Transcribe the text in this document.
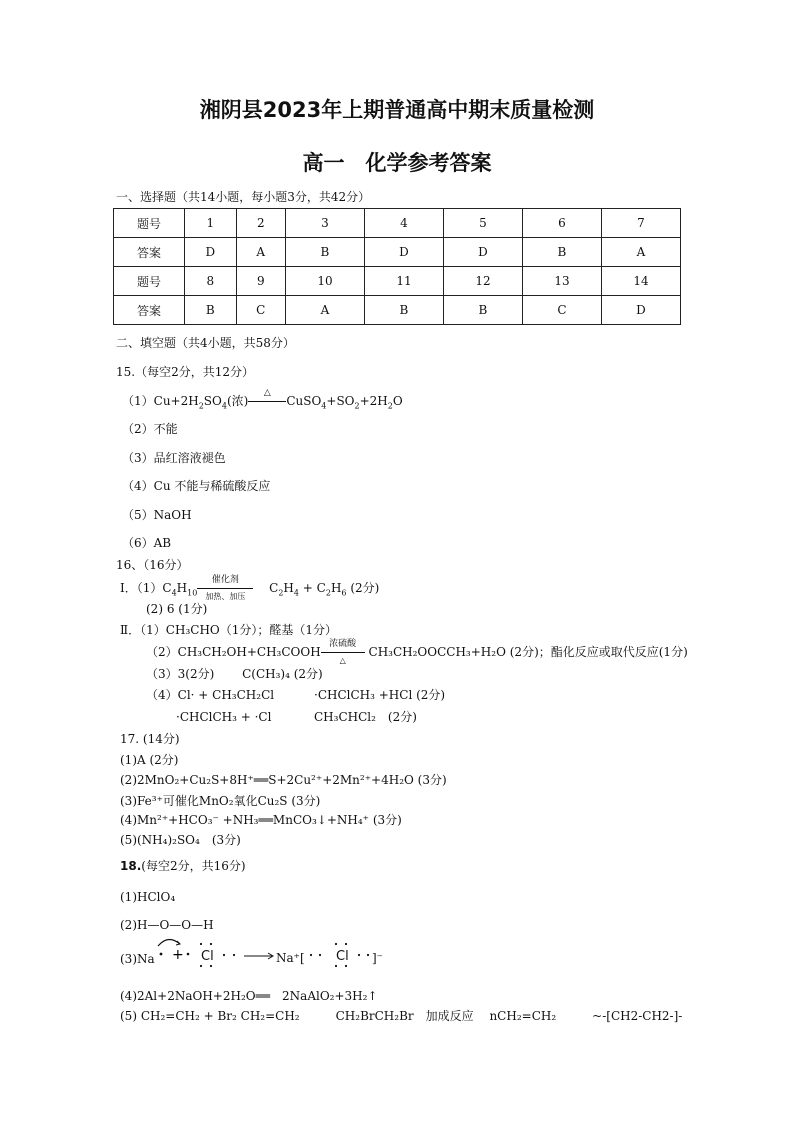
湘阴县2023年上期普通高中期末质量检测
高一　化学参考答案
一、选择题（共14小题，每小题3分，共42分）
题号	1	2	3	4	5	6	7
答案	D	A	B	D	D	B	A
题号	8	9	10	11	12	13	14
答案	B	C	A	B	B	C	D
二、填空题（共4小题，共58分）
15.（每空2分，共12分）
$(1)Cu+2H_2SO_4$(浓)
△
$CuSO_4+SO_2+2H_2O$
（2）不能
（3）品红溶液褪色
（4）Cu 不能与稀硫酸反应
（5）NaOH
（6）AB
16、（16分）
Ⅰ．$(1)C_4H_{10}$
催化剂
加热、加压
　 $C_2H_4 + C_2H_6$ (2分)
(2) 6 (1分)
Ⅱ．（1）CH₃CHO（1分）；醛基（1分）
（2）CH₃CH₂OH+CH₃COOH
浓硫酸
△
CH₃CH₂OOCCH₃+H₂O (2分)；酯化反应或取代反应(1分)
（3）3(2分)　　 C(CH₃)₄ (2分)
（4）Cl· + CH₃CH₂Cl	·CHClCH₃ +HCl (2分)
·CHClCH₃ + ·Cl	CH₃CHCl₂　(2分)
17. (14分)
(1)A (2分)
(2)2MnO₂+Cu₂S+8H⁺══S+2Cu²⁺+2Mn²⁺+4H₂O (3分)
(3)Fe³⁺可催化MnO₂氧化Cu₂S (3分)
(4)Mn²⁺+HCO₃⁻ +NH₃══MnCO₃↓+NH₄⁺ (3分)
(5)(NH₄)₂SO₄　(3分)
18.(每空2分，共16分)
(1)HClO₄
(2)H—O—O—H
(3)Na + Cl	Na⁺[ Cl ]⁻
(4)2Al+2NaOH+2H₂O══　2NaAlO₂+3H₂↑
(5) CH₂=CH₂ + Br₂ CH₂=CH₂　　　CH₂BrCH₂Br　加成反应　 nCH₂=CH₂　　　~-[CH2-CH2-]-
